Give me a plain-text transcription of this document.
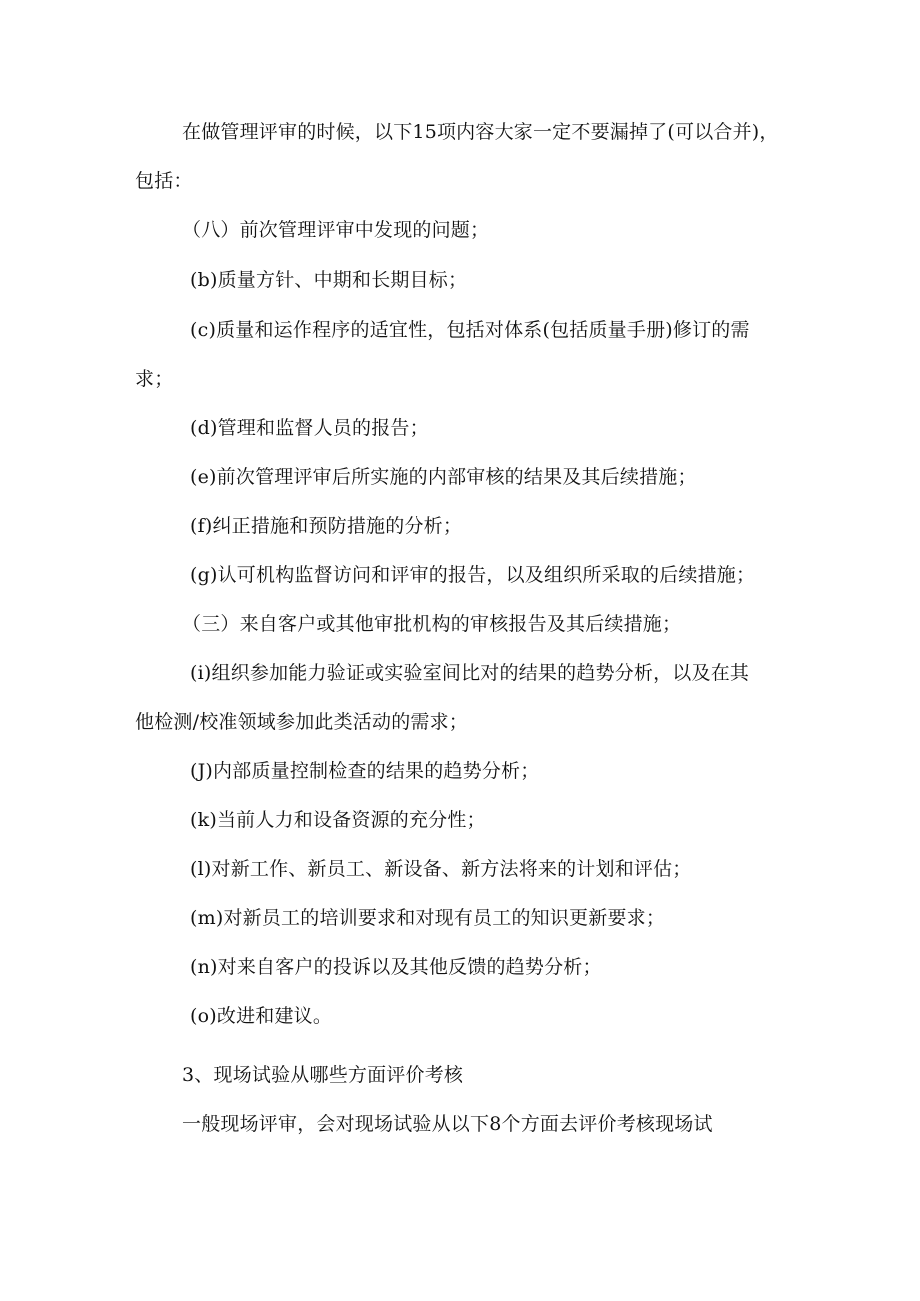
在做管理评审的时候，以下15项内容大家一定不要漏掉了(可以合并)，
包括：
（八）前次管理评审中发现的问题；
(b)质量方针、中期和长期目标；
(c)质量和运作程序的适宜性，包括对体系(包括质量手册)修订的需
求；
(d)管理和监督人员的报告；
(e)前次管理评审后所实施的内部审核的结果及其后续措施；
(f)纠正措施和预防措施的分析；
(g)认可机构监督访问和评审的报告，以及组织所采取的后续措施；
（三）来自客户或其他审批机构的审核报告及其后续措施；
(i)组织参加能力验证或实验室间比对的结果的趋势分析，以及在其
他检测/校准领域参加此类活动的需求；
(J)内部质量控制检查的结果的趋势分析；
(k)当前人力和设备资源的充分性；
(l)对新工作、新员工、新设备、新方法将来的计划和评估；
(m)对新员工的培训要求和对现有员工的知识更新要求；
(n)对来自客户的投诉以及其他反馈的趋势分析；
(o)改进和建议。
3、现场试验从哪些方面评价考核
一般现场评审，会对现场试验从以下8个方面去评价考核现场试
